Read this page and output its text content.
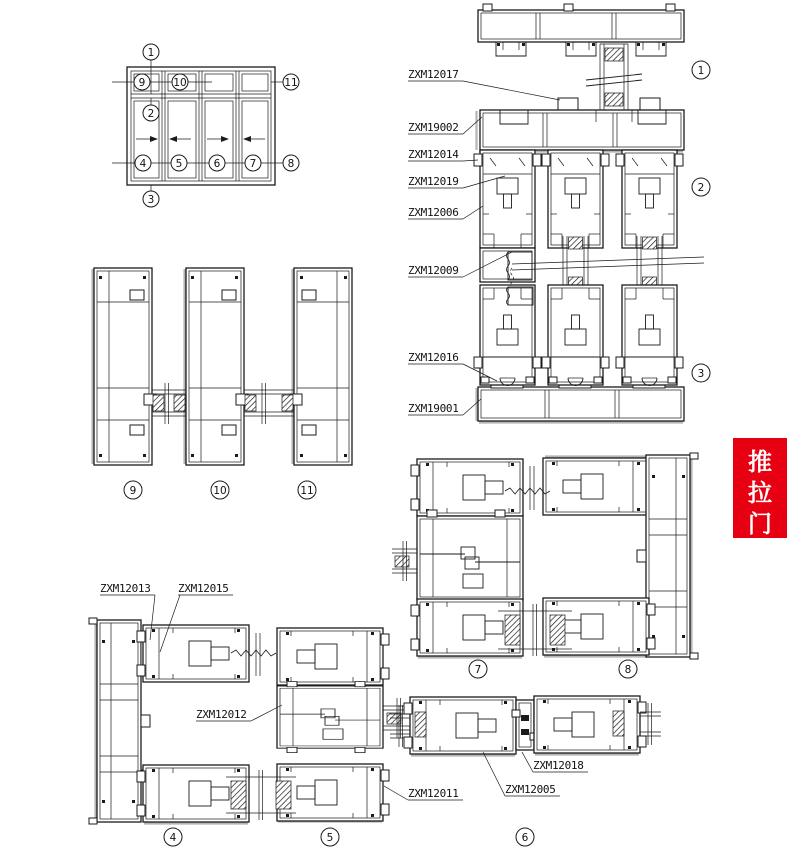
1
2
3
9	10	11
4	5	6	7	8
ZXM12017
ZXM19002
ZXM12014
ZXM12019
ZXM12006
ZXM12009
ZXM12016
ZXM19001
1
2
3
9	10	11
7	8
ZXM12013 ZXM12015
ZXM12012
4	5
ZXM12018
ZXM12005
ZXM12011
6
推
拉
门
